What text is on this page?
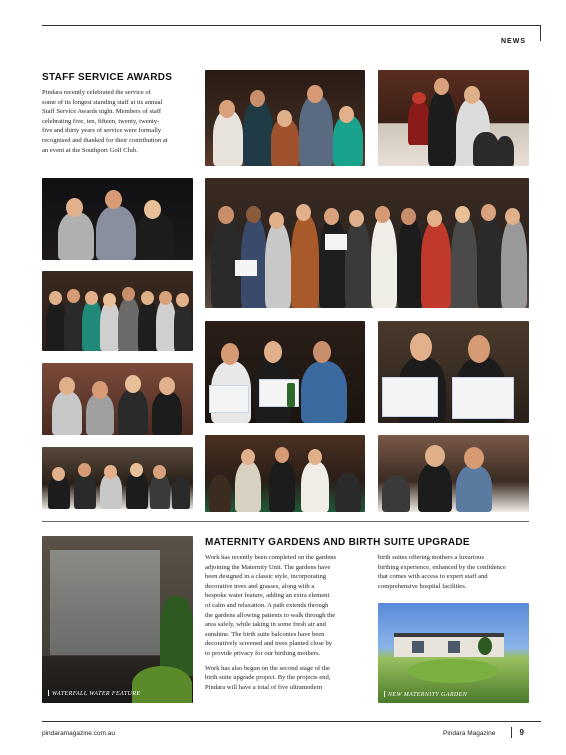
NEWS
STAFF SERVICE AWARDS
Pindara recently celebrated the service of
some of its longest standing staff at its annual
Staff Service Awards night. Members of staff
celebrating five, ten, fifteen, twenty, twenty-
five and thirty years of service were formally
recognised and thanked for their contribution at
an event at the Southport Golf Club.
WATERFALL WATER FEATURE
MATERNITY GARDENS AND BIRTH SUITE UPGRADE
Work has recently been completed on the gardens
adjoining the Maternity Unit. The gardens have
been designed in a classic style, incorporating
decorative trees and grasses, along with a
bespoke water feature, adding an extra element
of calm and relaxation. A path extends through
the gardens allowing patients to walk through the
area safely, while taking in some fresh air and
sunshine. The birth suite balconies have been
decoratively screened and trees planted close by
to provide privacy for our birthing mothers.
Work has also begun on the second stage of the
birth suite upgrade project. By the projects end,
Pindara will have a total of five ultramodern
birth suites offering mothers a luxurious
birthing experience, enhanced by the confidence
that comes with access to expert staff and
comprehensive hospital facilities.
NEW MATERNITY GARDEN
pindaramagazine.com.au	Pindara Magazine	9
